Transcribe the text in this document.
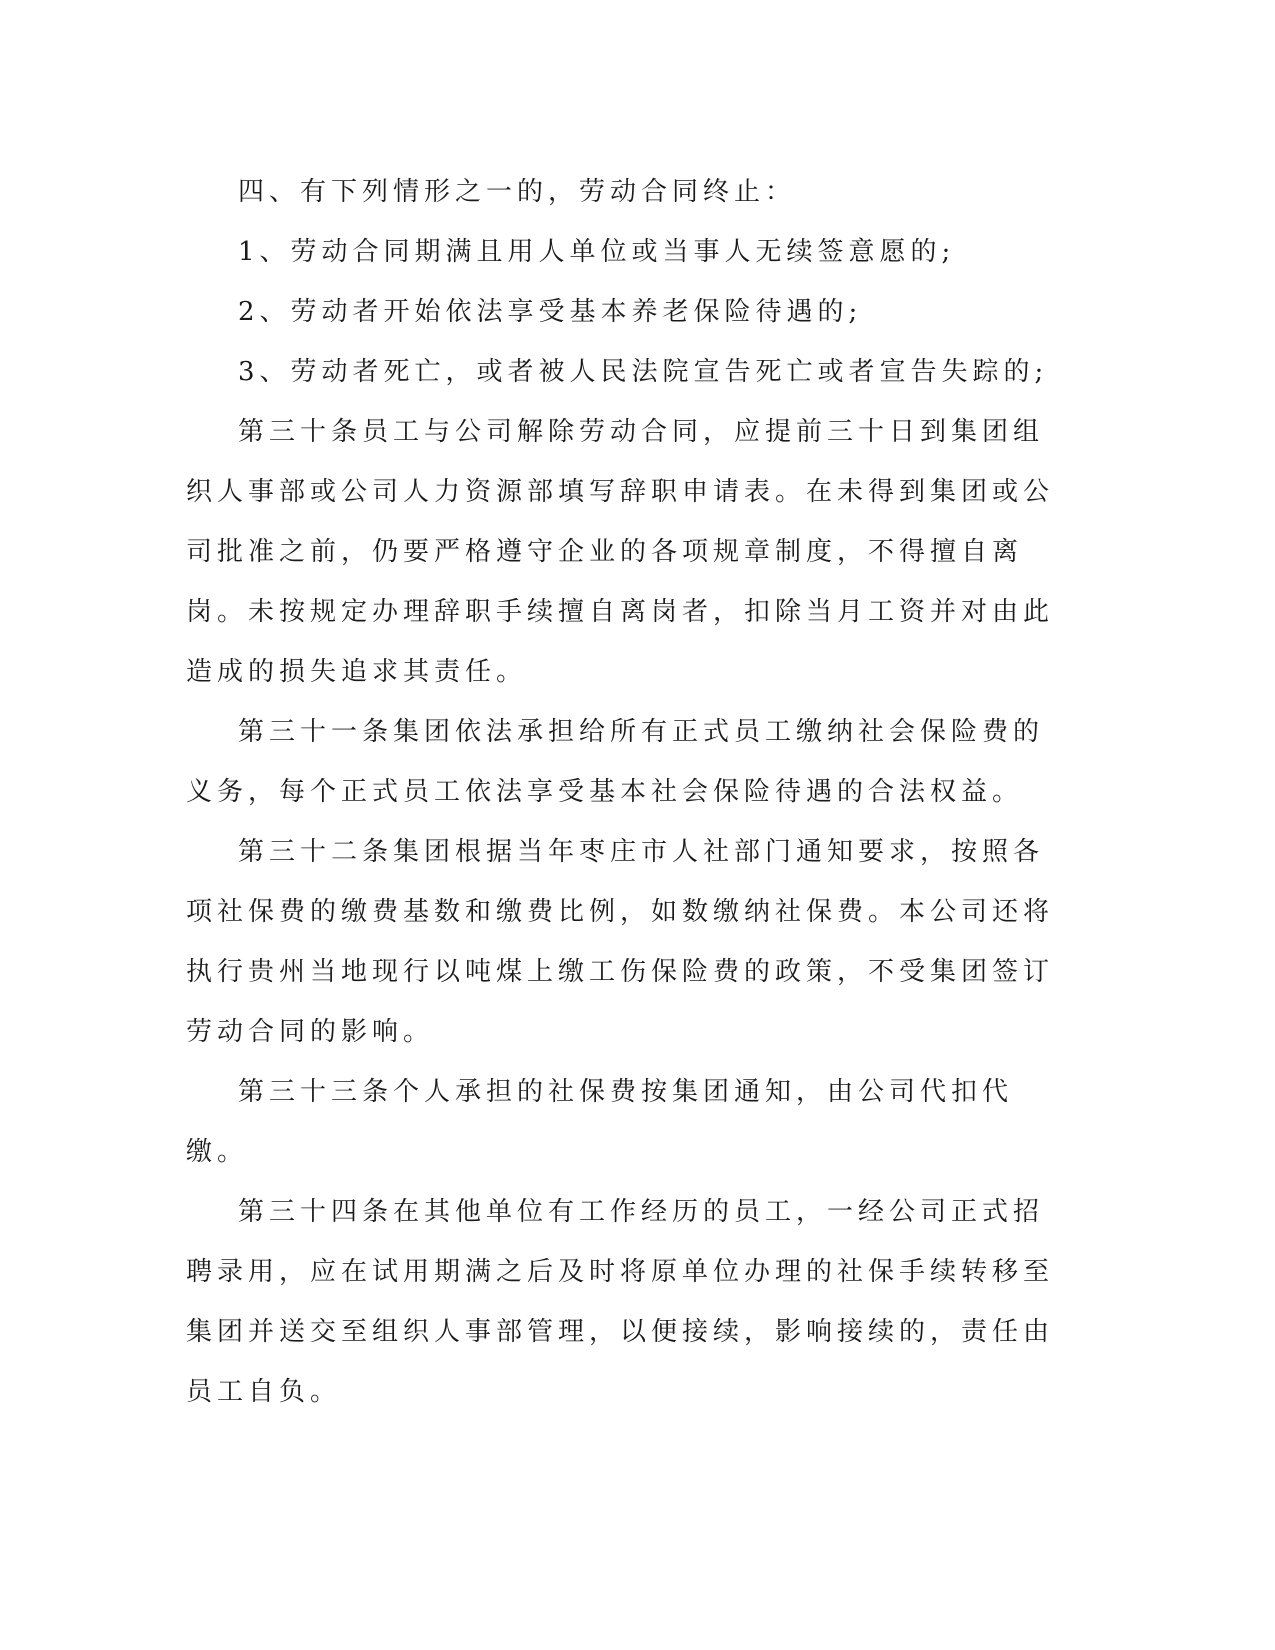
四、有下列情形之一的，劳动合同终止：

1、劳动合同期满且用人单位或当事人无续签意愿的;

2、劳动者开始依法享受基本养老保险待遇的;

3、劳动者死亡，或者被人民法院宣告死亡或者宣告失踪的;

第三十条员工与公司解除劳动合同，应提前三十日到集团组织人事部或公司人力资源部填写辞职申请表。在未得到集团或公司批准之前，仍要严格遵守企业的各项规章制度，不得擅自离岗。未按规定办理辞职手续擅自离岗者，扣除当月工资并对由此造成的损失追求其责任。

第三十一条集团依法承担给所有正式员工缴纳社会保险费的义务，每个正式员工依法享受基本社会保险待遇的合法权益。

第三十二条集团根据当年枣庄市人社部门通知要求，按照各项社保费的缴费基数和缴费比例，如数缴纳社保费。本公司还将执行贵州当地现行以吨煤上缴工伤保险费的政策，不受集团签订劳动合同的影响。

第三十三条个人承担的社保费按集团通知，由公司代扣代缴。

第三十四条在其他单位有工作经历的员工，一经公司正式招聘录用，应在试用期满之后及时将原单位办理的社保手续转移至集团并送交至组织人事部管理，以便接续，影响接续的，责任由员工自负。
